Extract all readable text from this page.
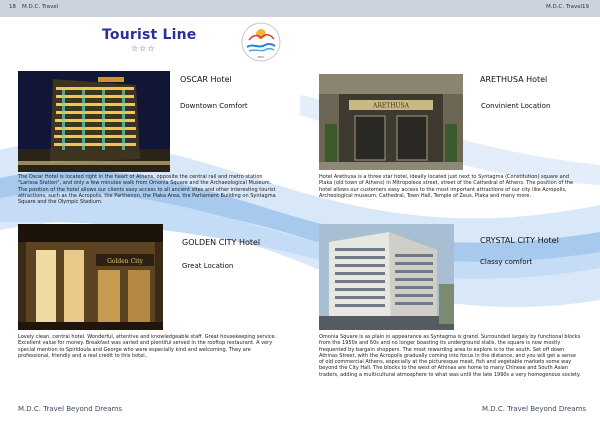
18 M.D.C. Travel	M.D.C. Travel 19
Tourist Line
☆☆☆
MDC
OSCAR Hotel
Downtown Comfort
The Oscar Hotel is located right in the heart of Athens, opposite the central rail and metro station "Larissa Station", and only a few minutes walk from Omonia Square and the Archaeological Museum. The position of the hotel allows our clients easy access to all ancient sites and other interesting tourist attractions, such as the Acropolis, the Parthenon, the Plaka Area, the Parliament Building on Syntagma Square and the Olympic Stadium.
ARETHUSA
ARETHUSA Hotel
Convinient Location
Hotel Arethusa is a three star hotel, ideally located just next to Syntagma (Constitution) square and Plaka (old town of Athens) in Mitropoleos street, street of the Cathedral of Athens. The position of the hotel allows our customers easy access to the most important attractions of our city like Acropolis, Archeological museum, Cathedral, Town Hall, Temple of Zeus, Plaka and many more.
Golden City
GOLDEN CITY Hotel
Great Location
Lovely clean, central hotel. Wonderful, attentive and knowledgeable staff. Great housekeeping service. Excellent value for money. Breakfast was varied and plentiful served in the rooftop restaurant. A very special mention to Spiridoula and George who were especially kind and welcoming. They are professional, friendly and a real credit to this hotel..
CRYSTAL CITY Hotel
Classy comfort
Omonia Square is as plain in appearance as Syntagma is grand. Surrounded largely by functional blocks from the 1950s and 60s and no longer boasting its underground stalls, the square is now mostly frequented by bargain shoppers. The most rewarding area to explore is to the south. Set off down Athinas Street, with the Acropolis gradually coming into focus in the distance, and you will get a sense of old commercial Athens, especially at the picturesque meat, fish and vegetable markets some way beyond the City Hall. The blocks to the west of Athinas are home to many Chinese and South Asian traders, adding a multicultural atmosphere to what was until the late 1990s a very homogenous society.
M.D.C. Travel Beyond Dreams	M.D.C. Travel Beyond Dreams
